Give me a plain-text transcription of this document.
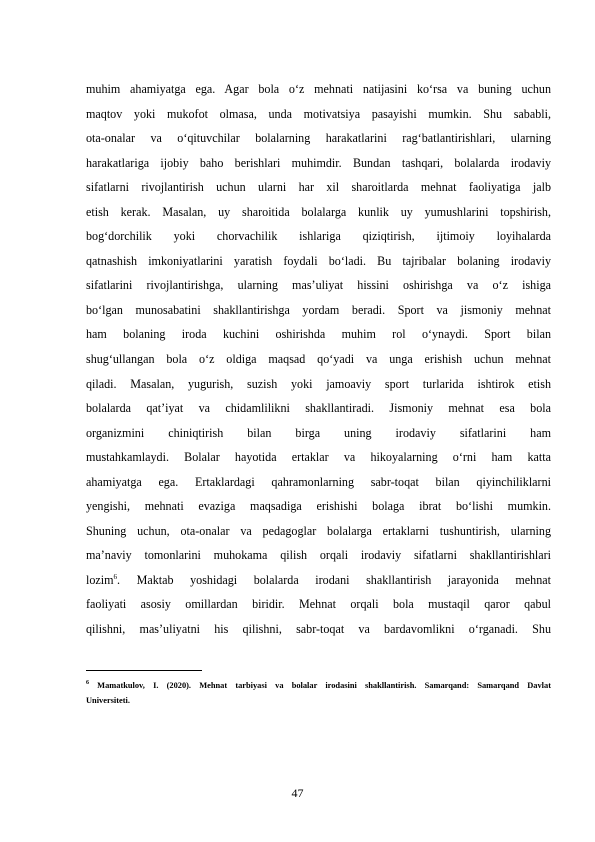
muhim ahamiyatga ega. Agar bola o‘z mehnati natijasini ko‘rsa va buning uchun
maqtov yoki mukofot olmasa, unda motivatsiya pasayishi mumkin. Shu sababli,
ota-onalar va o‘qituvchilar bolalarning harakatlarini rag‘batlantirishlari, ularning
harakatlariga ijobiy baho berishlari muhimdir. Bundan tashqari, bolalarda irodaviy
sifatlarni rivojlantirish uchun ularni har xil sharoitlarda mehnat faoliyatiga jalb
etish kerak. Masalan, uy sharoitida bolalarga kunlik uy yumushlarini topshirish,
bog‘dorchilik yoki chorvachilik ishlariga qiziqtirish, ijtimoiy loyihalarda
qatnashish imkoniyatlarini yaratish foydali bo‘ladi. Bu tajribalar bolaning irodaviy
sifatlarini rivojlantirishga, ularning mas’uliyat hissini oshirishga va o‘z ishiga
bo‘lgan munosabatini shakllantirishga yordam beradi. Sport va jismoniy mehnat
ham bolaning iroda kuchini oshirishda muhim rol o‘ynaydi. Sport bilan
shug‘ullangan bola o‘z oldiga maqsad qo‘yadi va unga erishish uchun mehnat
qiladi. Masalan, yugurish, suzish yoki jamoaviy sport turlarida ishtirok etish
bolalarda qat’iyat va chidamlilikni shakllantiradi. Jismoniy mehnat esa bola
organizmini chiniqtirish bilan birga uning irodaviy sifatlarini ham
mustahkamlaydi. Bolalar hayotida ertaklar va hikoyalarning o‘rni ham katta
ahamiyatga ega. Ertaklardagi qahramonlarning sabr-toqat bilan qiyinchiliklarni
yengishi, mehnati evaziga maqsadiga erishishi bolaga ibrat bo‘lishi mumkin.
Shuning uchun, ota-onalar va pedagoglar bolalarga ertaklarni tushuntirish, ularning
ma’naviy tomonlarini muhokama qilish orqali irodaviy sifatlarni shakllantirishlari
lozim$^6$. Maktab yoshidagi bolalarda irodani shakllantirish jarayonida mehnat
faoliyati asosiy omillardan biridir. Mehnat orqali bola mustaqil qaror qabul
qilishni, mas’uliyatni his qilishni, sabr-toqat va bardavomlikni o‘rganadi. Shu
$^6$ Mamatkulov, I. (2020). Mehnat tarbiyasi va bolalar irodasini shakllantirish. Samarqand: Samarqand Davlat
Universiteti.
47
